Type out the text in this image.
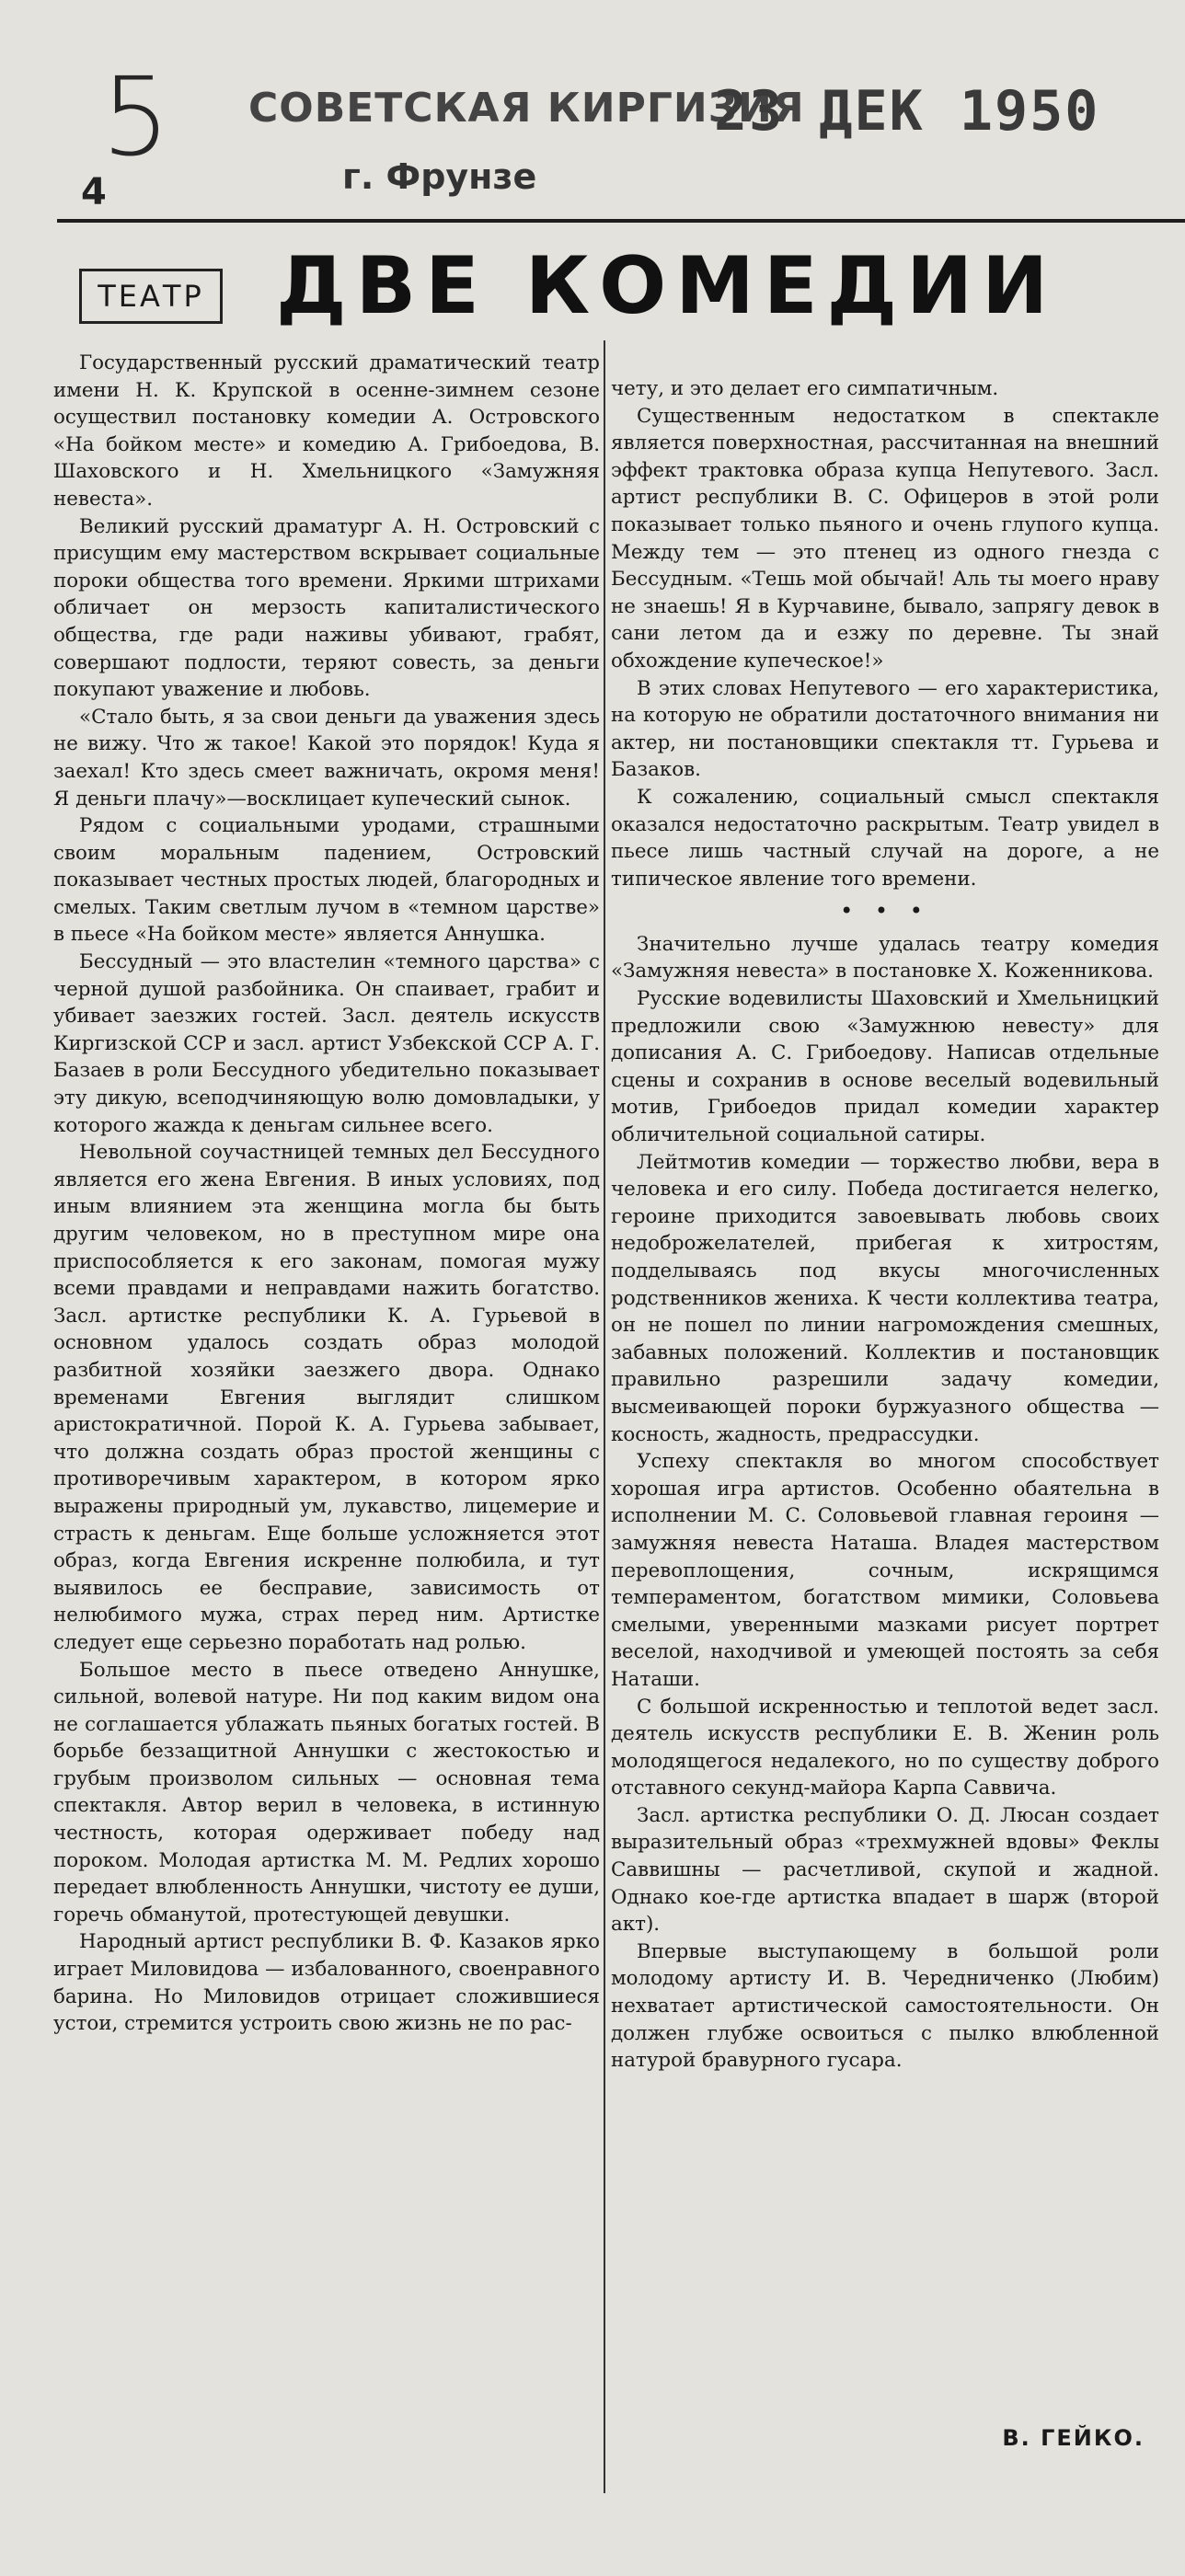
5 СОВЕТСКАЯ КИРГИЗИЯ
23 ДЕК 1950
г. Фрунзе
4
ТЕАТР ДВЕ КОМЕДИИ

Государственный русский драматический театр имени Н. К. Крупской в осенне-зимнем сезоне осуществил постановку комедии А. Островского «На бойком месте» и комедию А. Грибоедова, В. Шаховского и Н. Хмельницкого «Замужняя невеста».

Великий русский драматург А. Н. Островский с присущим ему мастерством вскрывает социальные пороки общества того времени. Яркими штрихами обличает он мерзость капиталистического общества, где ради наживы убивают, грабят, совершают подлости, теряют совесть, за деньги покупают уважение и любовь.

«Стало быть, я за свои деньги да уважения здесь не вижу. Что ж такое! Какой это порядок! Куда я заехал! Кто здесь смеет важничать, окромя меня! Я деньги плачу»—восклицает купеческий сынок.

Рядом с социальными уродами, страшными своим моральным падением, Островский показывает честных простых людей, благородных и смелых. Таким светлым лучом в «темном царстве» в пьесе «На бойком месте» является Аннушка.

Бессудный — это властелин «темного царства» с черной душой разбойника. Он спаивает, грабит и убивает заезжих гостей. Засл. деятель искусств Киргизской ССР и засл. артист Узбекской ССР А. Г. Базаев в роли Бессудного убедительно показывает эту дикую, всеподчиняющую волю домовладыки, у которого жажда к деньгам сильнее всего.

Невольной соучастницей темных дел Бессудного является его жена Евгения. В иных условиях, под иным влиянием эта женщина могла бы быть другим человеком, но в преступном мире она приспособляется к его законам, помогая мужу всеми правдами и неправдами нажить богатство. Засл. артистке республики К. А. Гурьевой в основном удалось создать образ молодой разбитной хозяйки заезжего двора. Однако временами Евгения выглядит слишком аристократичной. Порой К. А. Гурьева забывает, что должна создать образ простой женщины с противоречивым характером, в котором ярко выражены природный ум, лукавство, лицемерие и страсть к деньгам. Еще больше усложняется этот образ, когда Евгения искренне полюбила, и тут выявилось ее бесправие, зависимость от нелюбимого мужа, страх перед ним. Артистке следует еще серьезно поработать над ролью.

Большое место в пьесе отведено Аннушке, сильной, волевой натуре. Ни под каким видом она не соглашается ублажать пьяных богатых гостей. В борьбе беззащитной Аннушки с жестокостью и грубым произволом сильных — основная тема спектакля. Автор верил в человека, в истинную честность, которая одерживает победу над пороком. Молодая артистка М. М. Редлих хорошо передает влюбленность Аннушки, чистоту ее души, горечь обманутой, протестующей девушки.

Народный артист республики В. Ф. Казаков ярко играет Миловидова — избалованного, своенравного барина. Но Миловидов отрицает сложившиеся устои, стремится устроить свою жизнь не по рас-

чету, и это делает его симпатичным.

Существенным недостатком в спектакле является поверхностная, рассчитанная на внешний эффект трактовка образа купца Непутевого. Засл. артист республики В. С. Офицеров в этой роли показывает только пьяного и очень глупого купца. Между тем — это птенец из одного гнезда с Бессудным. «Тешь мой обычай! Аль ты моего нраву не знаешь! Я в Курчавине, бывало, запрягу девок в сани летом да и езжу по деревне. Ты знай обхождение купеческое!»

В этих словах Непутевого — его характеристика, на которую не обратили достаточного внимания ни актер, ни постановщики спектакля тт. Гурьева и Базаков.

К сожалению, социальный смысл спектакля оказался недостаточно раскрытым. Театр увидел в пьесе лишь частный случай на дороге, а не типическое явление того времени.

• • •

Значительно лучше удалась театру комедия «Замужняя невеста» в постановке Х. Коженникова.

Русские водевилисты Шаховский и Хмельницкий предложили свою «Замужнюю невесту» для дописания А. С. Грибоедову. Написав отдельные сцены и сохранив в основе веселый водевильный мотив, Грибоедов придал комедии характер обличительной социальной сатиры.

Лейтмотив комедии — торжество любви, вера в человека и его силу. Победа достигается нелегко, героине приходится завоевывать любовь своих недоброжелателей, прибегая к хитростям, подделываясь под вкусы многочисленных родственников жениха. К чести коллектива театра, он не пошел по линии нагромождения смешных, забавных положений. Коллектив и постановщик правильно разрешили задачу комедии, высмеивающей пороки буржуазного общества — косность, жадность, предрассудки.

Успеху спектакля во многом способствует хорошая игра артистов. Особенно обаятельна в исполнении М. С. Соловьевой главная героиня — замужняя невеста Наташа. Владея мастерством перевоплощения, сочным, искрящимся темпераментом, богатством мимики, Соловьева смелыми, уверенными мазками рисует портрет веселой, находчивой и умеющей постоять за себя Наташи.

С большой искренностью и теплотой ведет засл. деятель искусств республики Е. В. Женин роль молодящегося недалекого, но по существу доброго отставного секунд-майора Карпа Саввича.

Засл. артистка республики О. Д. Люсан создает выразительный образ «трехмужней вдовы» Феклы Саввишны — расчетливой, скупой и жадной. Однако кое-где артистка впадает в шарж (второй акт).

Впервые выступающему в большой роли молодому артисту И. В. Чередниченко (Любим) нехватает артистической самостоятельности. Он должен глубже освоиться с пылко влюбленной натурой бравурного гусара.

В. ГЕЙКО.
